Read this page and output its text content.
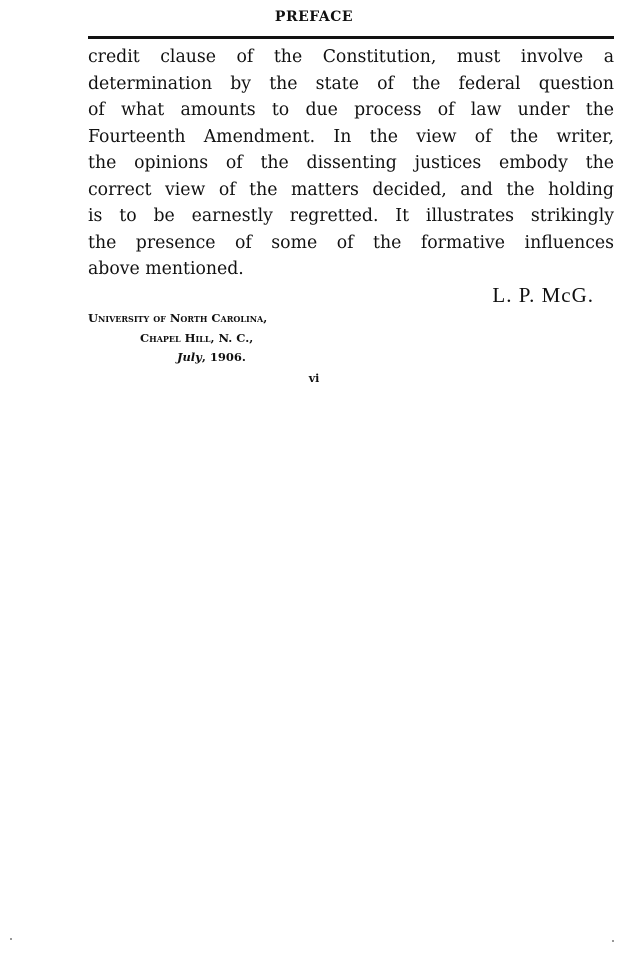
PREFACE
credit clause of the Constitution, must involve a
determination by the state of the federal question
of what amounts to due process of law under the
Fourteenth Amendment. In the view of the writer,
the opinions of the dissenting justices embody the
correct view of the matters decided, and the holding
is to be earnestly regretted. It illustrates strikingly
the presence of some of the formative influences
above mentioned.
L. P. McG.
University of North Carolina,
Chapel Hill, N. C.,
July, 1906.
vi
